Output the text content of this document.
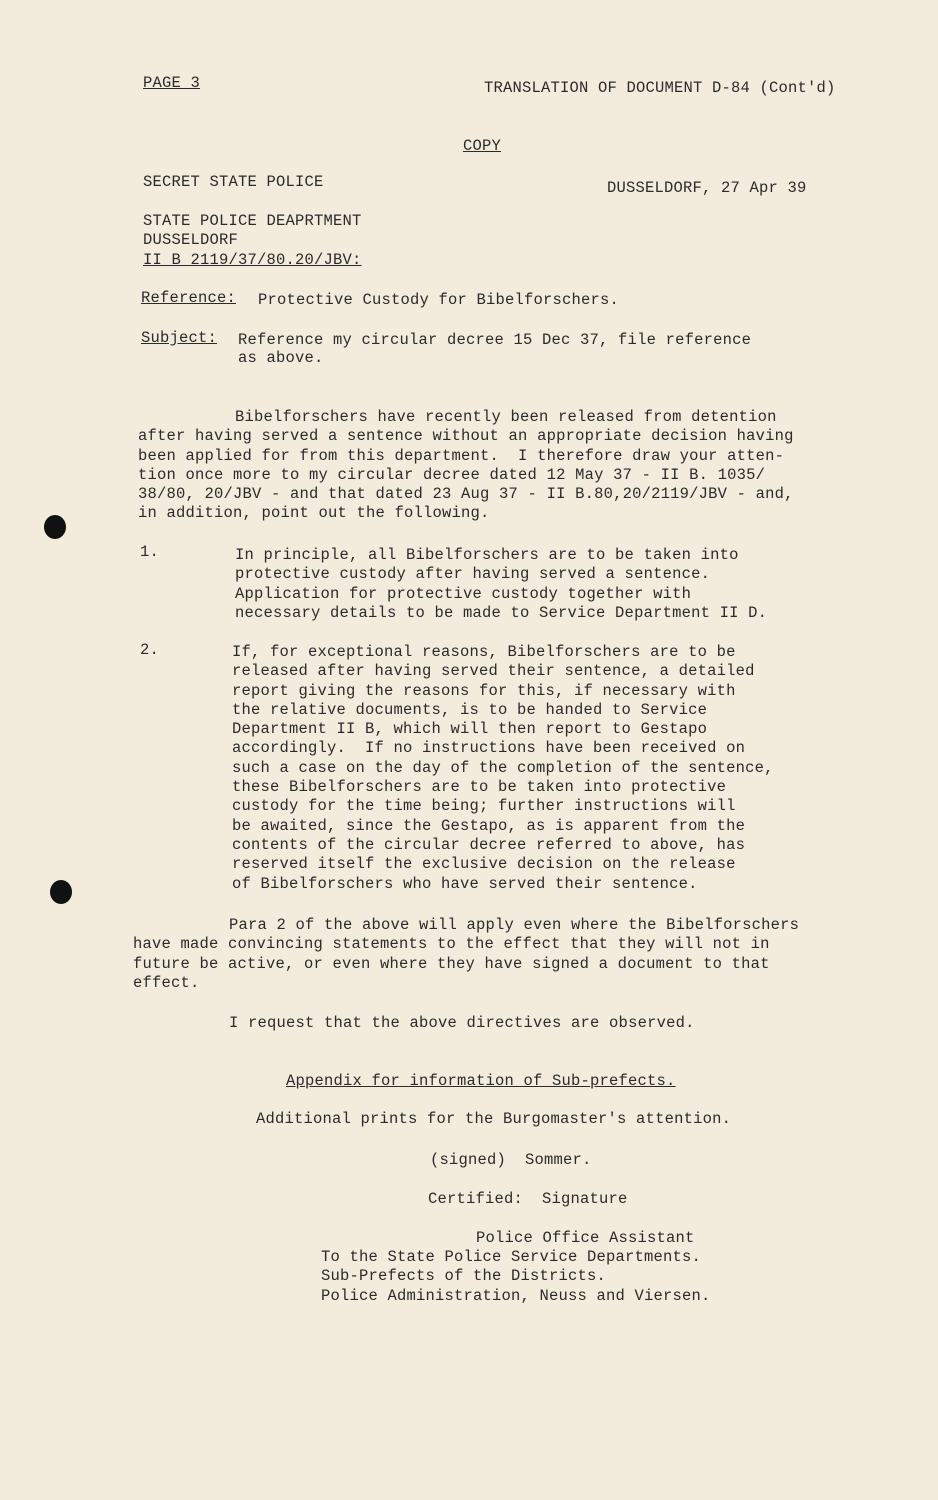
PAGE 3	TRANSLATION OF DOCUMENT D-84 (Cont'd)
COPY
SECRET STATE POLICE	DUSSELDORF, 27 Apr 39
STATE POLICE DEAPRTMENT
DUSSELDORF
II B 2119/37/80.20/JBV:
Reference: Protective Custody for Bibelforschers.
Subject: Reference my circular decree 15 Dec 37, file reference
as above.
Bibelforschers have recently been released from detention
after having served a sentence without an appropriate decision having
been applied for from this department.  I therefore draw your atten-
tion once more to my circular decree dated 12 May 37 - II B. 1035/
38/80, 20/JBV - and that dated 23 Aug 37 - II B.80,20/2119/JBV - and,
in addition, point out the following.
1.	In principle, all Bibelforschers are to be taken into
protective custody after having served a sentence.
Application for protective custody together with
necessary details to be made to Service Department II D.
2.	If, for exceptional reasons, Bibelforschers are to be
released after having served their sentence, a detailed
report giving the reasons for this, if necessary with
the relative documents, is to be handed to Service
Department II B, which will then report to Gestapo
accordingly.  If no instructions have been received on
such a case on the day of the completion of the sentence,
these Bibelforschers are to be taken into protective
custody for the time being; further instructions will
be awaited, since the Gestapo, as is apparent from the
contents of the circular decree referred to above, has
reserved itself the exclusive decision on the release
of Bibelforschers who have served their sentence.
Para 2 of the above will apply even where the Bibelforschers
have made convincing statements to the effect that they will not in
future be active, or even where they have signed a document to that
effect.
I request that the above directives are observed.
Appendix for information of Sub-prefects.
Additional prints for the Burgomaster's attention.
(signed)  Sommer.
Certified:  Signature
Police Office Assistant
To the State Police Service Departments.
Sub-Prefects of the Districts.
Police Administration, Neuss and Viersen.
